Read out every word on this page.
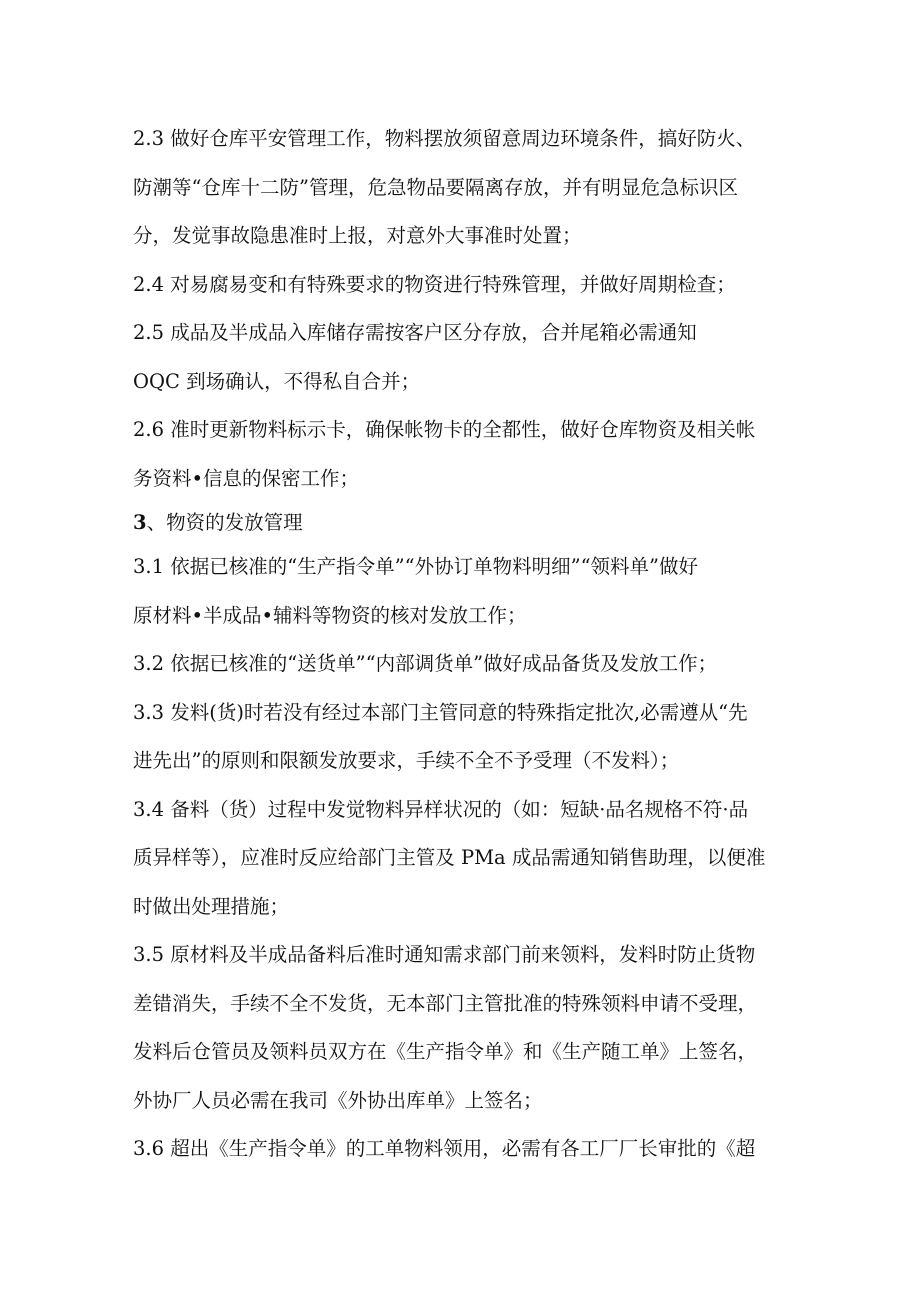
2.3 做好仓库平安管理工作，物料摆放须留意周边环境条件，搞好防火、
防潮等“仓库十二防”管理，危急物品要隔离存放，并有明显危急标识区
分，发觉事故隐患准时上报，对意外大事准时处置；
2.4 对易腐易变和有特殊要求的物资进行特殊管理，并做好周期检查；
2.5 成品及半成品入库储存需按客户区分存放，合并尾箱必需通知
OQC 到场确认，不得私自合并；
2.6 准时更新物料标示卡，确保帐物卡的全都性，做好仓库物资及相关帐
务资料•信息的保密工作；
3、物资的发放管理
3.1 依据已核准的“生产指令单”“外协订单物料明细”“领料单”做好
原材料•半成品•辅料等物资的核对发放工作；
3.2 依据已核准的“送货单”“内部调货单”做好成品备货及发放工作；
3.3 发料(货)时若没有经过本部门主管同意的特殊指定批次,必需遵从“先
进先出”的原则和限额发放要求，手续不全不予受理（不发料）；
3.4 备料（货）过程中发觉物料异样状况的（如：短缺·品名规格不符·品
质异样等），应准时反应给部门主管及 PMa 成品需通知销售助理，以便准
时做出处理措施；
3.5 原材料及半成品备料后准时通知需求部门前来领料，发料时防止货物
差错消失，手续不全不发货，无本部门主管批准的特殊领料申请不受理，
发料后仓管员及领料员双方在《生产指令单》和《生产随工单》上签名，
外协厂人员必需在我司《外协出库单》上签名；
3.6 超出《生产指令单》的工单物料领用，必需有各工厂厂长审批的《超
